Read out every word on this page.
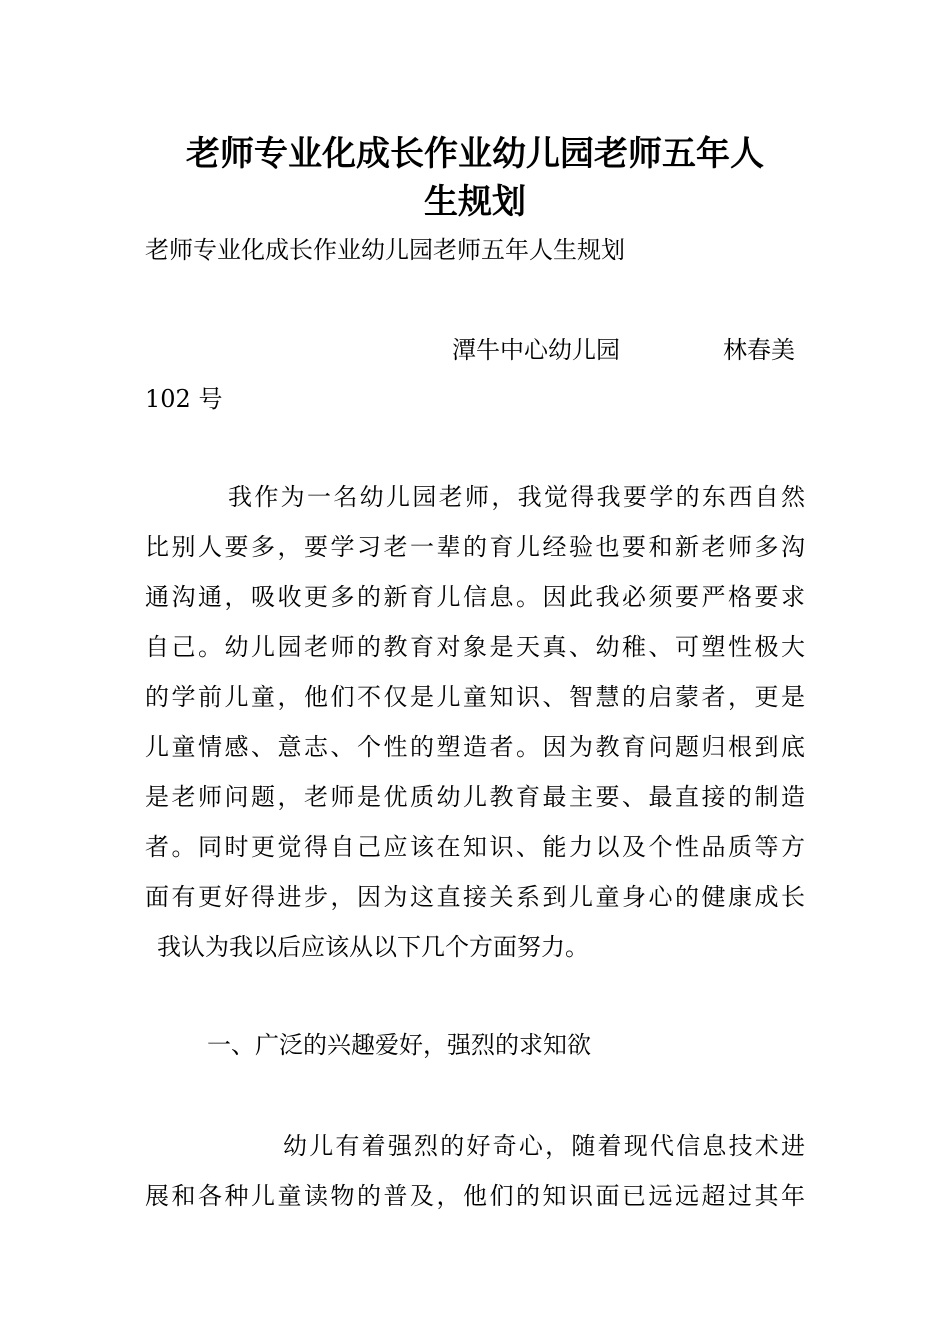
老师专业化成长作业幼儿园老师五年人
生规划
老师专业化成长作业幼儿园老师五年人生规划
潭牛中心幼儿园	林春美
102 号
我作为一名幼儿园老师，我觉得我要学的东西自然
比别人要多，要学习老一辈的育儿经验也要和新老师多沟
通沟通，吸收更多的新育儿信息。因此我必须要严格要求
自己。幼儿园老师的教育对象是天真、幼稚、可塑性极大
的学前儿童，他们不仅是儿童知识、智慧的启蒙者，更是
儿童情感、意志、个性的塑造者。因为教育问题归根到底
是老师问题，老师是优质幼儿教育最主要、最直接的制造
者。同时更觉得自己应该在知识、能力以及个性品质等方
面有更好得进步，因为这直接关系到儿童身心的健康成长
我认为我以后应该从以下几个方面努力。
一、广泛的兴趣爱好，强烈的求知欲
幼儿有着强烈的好奇心，随着现代信息技术进
展和各种儿童读物的普及，他们的知识面已远远超过其年
